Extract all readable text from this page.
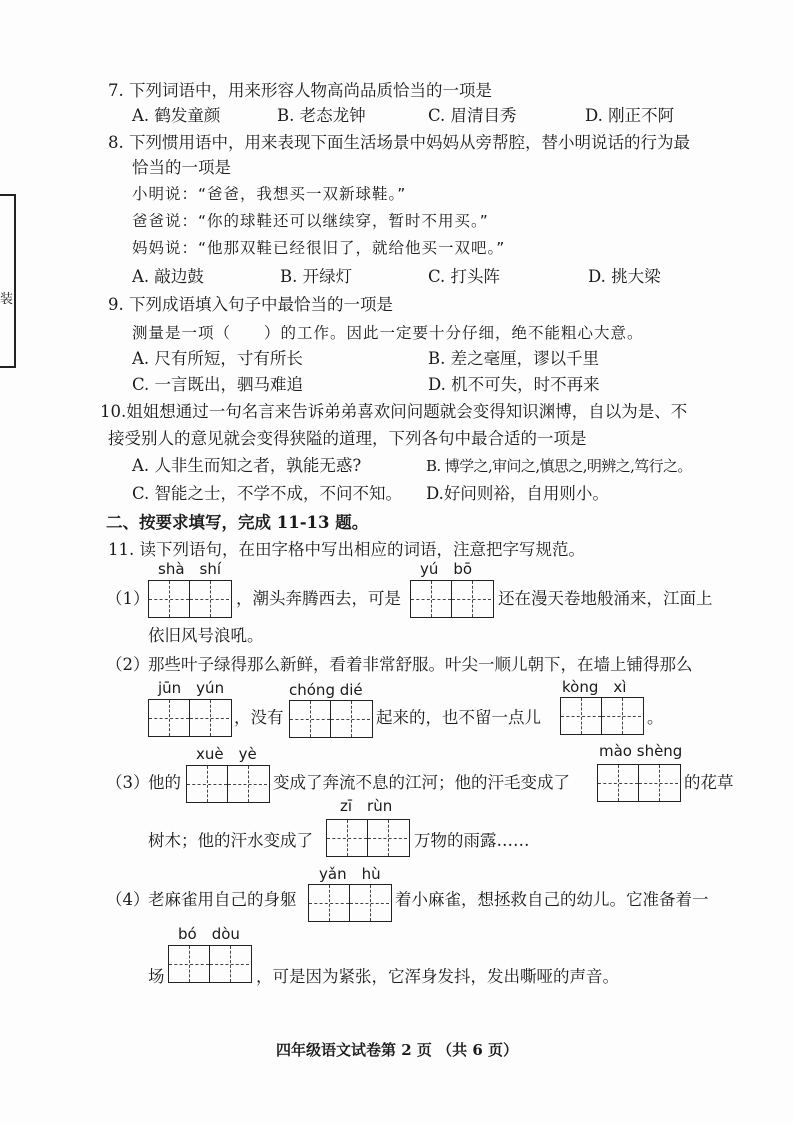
装
7. 下列词语中，用来形容人物高尚品质恰当的一项是
A. 鹤发童颜	B. 老态龙钟	C. 眉清目秀	D. 刚正不阿
8. 下列惯用语中，用来表现下面生活场景中妈妈从旁帮腔，替小明说话的行为最
恰当的一项是
小明说：“爸爸，我想买一双新球鞋。”
爸爸说：“你的球鞋还可以继续穿，暂时不用买。”
妈妈说：“他那双鞋已经很旧了，就给他买一双吧。”
A. 敲边鼓	B. 开绿灯	C. 打头阵	D. 挑大梁
9. 下列成语填入句子中最恰当的一项是
测量是一项（　　）的工作。因此一定要十分仔细，绝不能粗心大意。
A. 尺有所短，寸有所长	B. 差之毫厘，谬以千里
C. 一言既出，驷马难追	D. 机不可失，时不再来
10.姐姐想通过一句名言来告诉弟弟喜欢问问题就会变得知识渊博，自以为是、不
接受别人的意见就会变得狭隘的道理，下列各句中最合适的一项是
A. 人非生而知之者，孰能无惑?	B. 博学之,审问之,慎思之,明辨之,笃行之。
C. 智能之士，不学不成，不问不知。 D.好问则裕，自用则小。
二、按要求填写，完成 11-13 题。
11. 读下列语句，在田字格中写出相应的词语，注意把字写规范。
shà　shí	yú　bō
（1）	，潮头奔腾西去，可是	还在漫天卷地般涌来，江面上
依旧风号浪吼。
（2）
那些叶子绿得那么新鲜，看着非常舒服。叶尖一顺儿朝下，在墙上铺得那么
jūn　yún	chóng dié	kòng　xì
，没有	起来的，也不留一点儿	。
xuè　yè	mào shèng
（3）
他的	变成了奔流不息的江河；他的汗毛变成了	的花草
zī　rùn
树木；他的汗水变成了	万物的雨露……
yǎn　hù
（4）
老麻雀用自己的身躯	着小麻雀，想拯救自己的幼儿。它准备着一
bó　dòu
场	，可是因为紧张，它浑身发抖，发出嘶哑的声音。
四年级语文试卷第 2 页 （共 6 页）
